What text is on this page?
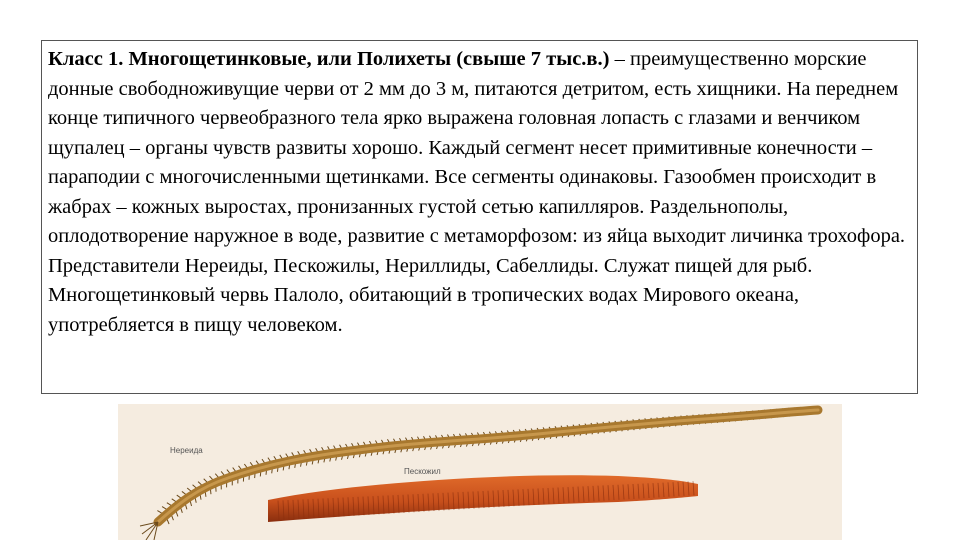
Класс 1. Многощетинковые, или Полихеты (свыше 7 тыс.в.) – преимущественно морские донные свободноживущие черви от 2 мм до 3 м, питаются детритом, есть хищники. На переднем конце типичного червеобразного тела ярко выражена головная лопасть с глазами и венчиком щупалец – органы чувств развиты хорошо. Каждый сегмент несет примитивные конечности – параподии с многочисленными щетинками. Все сегменты одинаковы. Газообмен происходит в жабрах – кожных выростах, пронизанных густой сетью капилляров. Раздельнополы, оплодотворение наружное в воде, развитие с метаморфозом: из яйца выходит личинка трохофора. Представители Нереиды, Пескожилы, Нериллиды, Сабеллиды. Служат пищей для рыб. Многощетинковый червь Палоло, обитающий в тропических водах Мирового океана, употребляется в пищу человеком.
Нереида
Пескожил
